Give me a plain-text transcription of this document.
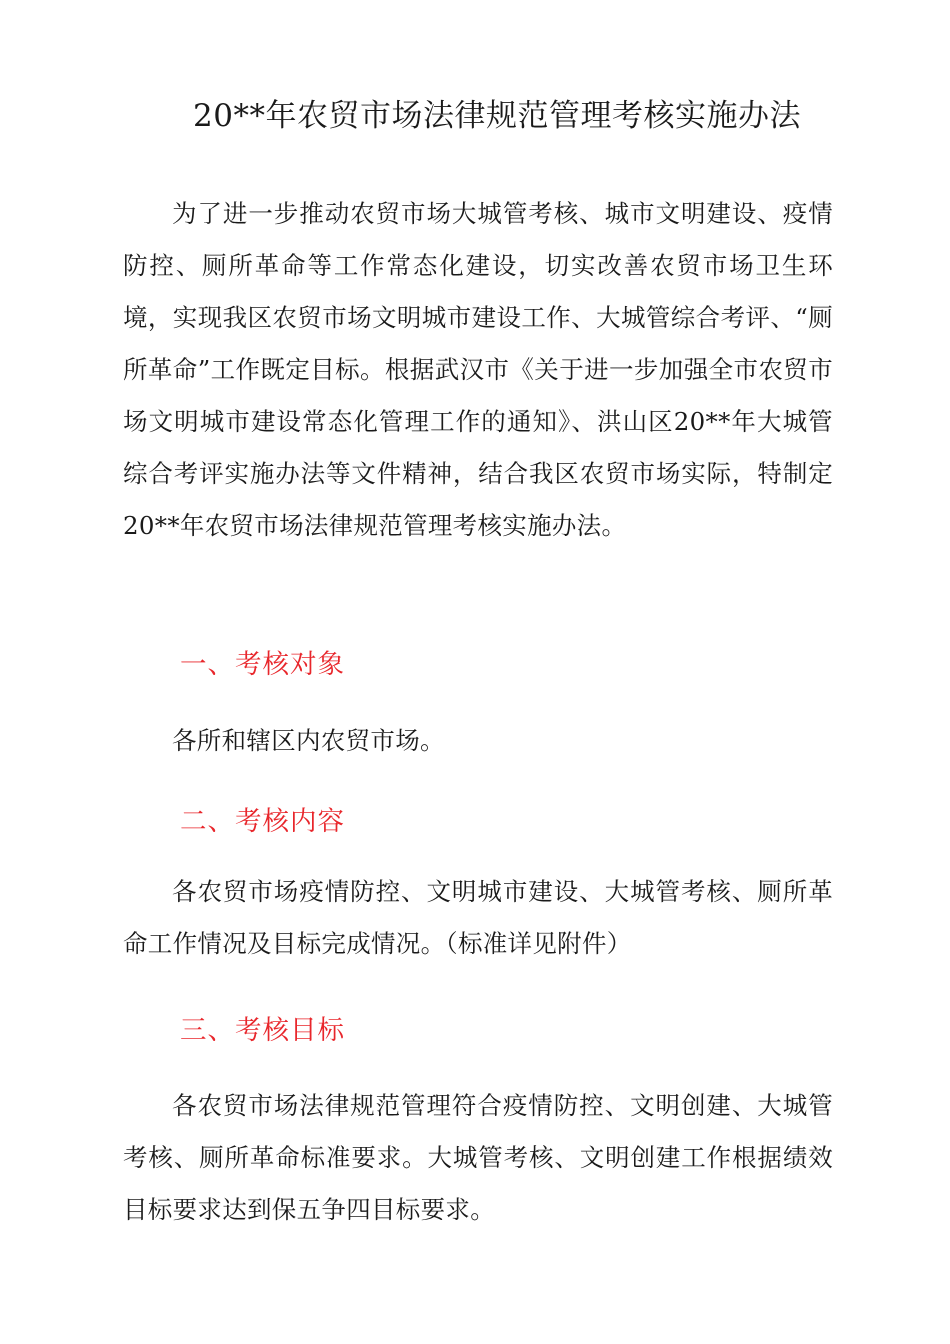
20**年农贸市场法律规范管理考核实施办法

为了进一步推动农贸市场大城管考核、城市文明建设、疫情防控、厕所革命等工作常态化建设，切实改善农贸市场卫生环境，实现我区农贸市场文明城市建设工作、大城管综合考评、“厕所革命”工作既定目标。根据武汉市《关于进一步加强全市农贸市场文明城市建设常态化管理工作的通知》、洪山区20**年大城管综合考评实施办法等文件精神，结合我区农贸市场实际，特制定20**年农贸市场法律规范管理考核实施办法。

一、考核对象

各所和辖区内农贸市场。

二、考核内容

各农贸市场疫情防控、文明城市建设、大城管考核、厕所革命工作情况及目标完成情况。（标准详见附件）

三、考核目标

各农贸市场法律规范管理符合疫情防控、文明创建、大城管考核、厕所革命标准要求。大城管考核、文明创建工作根据绩效目标要求达到保五争四目标要求。
